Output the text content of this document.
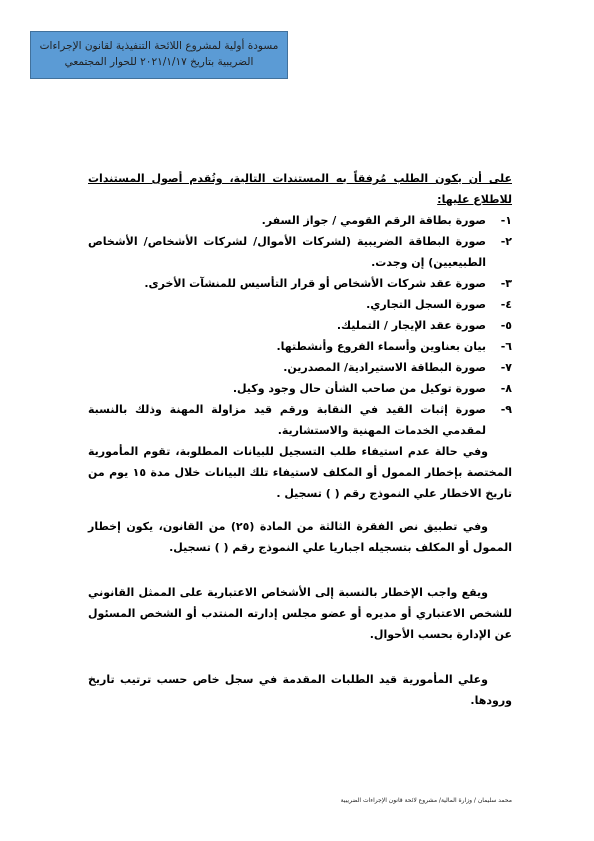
مسودة أولية لمشروع اللائحة التنفيذية لقانون الإجراءات
الضريبية بتاريخ ٢٠٢١/١/١٧ للحوار المجتمعي
على أن يكون الطلب مُرفقاً به المستندات التالية، وتُقدم أصول المستندات للاطلاع عليها:
١-
صورة بطاقة الرقم القومي / جواز السفر.
٢-
صورة البطاقة الضريبية (لشركات الأموال/ لشركات الأشخاص/ الأشخاص الطبيعيين) إن وجدت.
٣-
صورة عقد شركات الأشخاص أو قرار التأسيس للمنشآت الأخرى.
٤-
صورة السجل التجاري.
٥-
صورة عقد الإيجار / التمليك.
٦-
بيان بعناوين وأسماء الفروع وأنشطتها.
٧-
صورة البطاقة الاستيرادية/ المصدرين.
٨-
صورة توكيل من صاحب الشأن حال وجود وكيل.
٩-
صورة إثبات القيد في النقابة ورقم قيد مزاولة المهنة وذلك بالنسبة لمقدمي الخدمات المهنية والاستشارية.

وفي حالة عدم استيفاء طلب التسجيل للبيانات المطلوبة، تقوم المأمورية المختصة بإخطار الممول أو المكلف لاستيفاء تلك البيانات خلال مدة ١٥ يوم من تاريخ الاخطار علي النموذج رقم ( ) تسجيل .

وفي تطبيق نص الفقرة الثالثة من المادة (٢٥) من القانون، يكون إخطار الممول أو المكلف بتسجيله اجباريا علي النموذج رقم ( ) تسجيل.

ويقع واجب الإخطار بالنسبة إلى الأشخاص الاعتبارية على الممثل القانوني للشخص الاعتباري أو مديره أو عضو مجلس إدارته المنتدب أو الشخص المسئول عن الإدارة بحسب الأحوال.

وعلي المأمورية قيد الطلبات المقدمة في سجل خاص حسب ترتيب تاريخ ورودها.

محمد سليمان / وزارة المالية/ مشروع لائحة قانون الإجراءات الضريبية
